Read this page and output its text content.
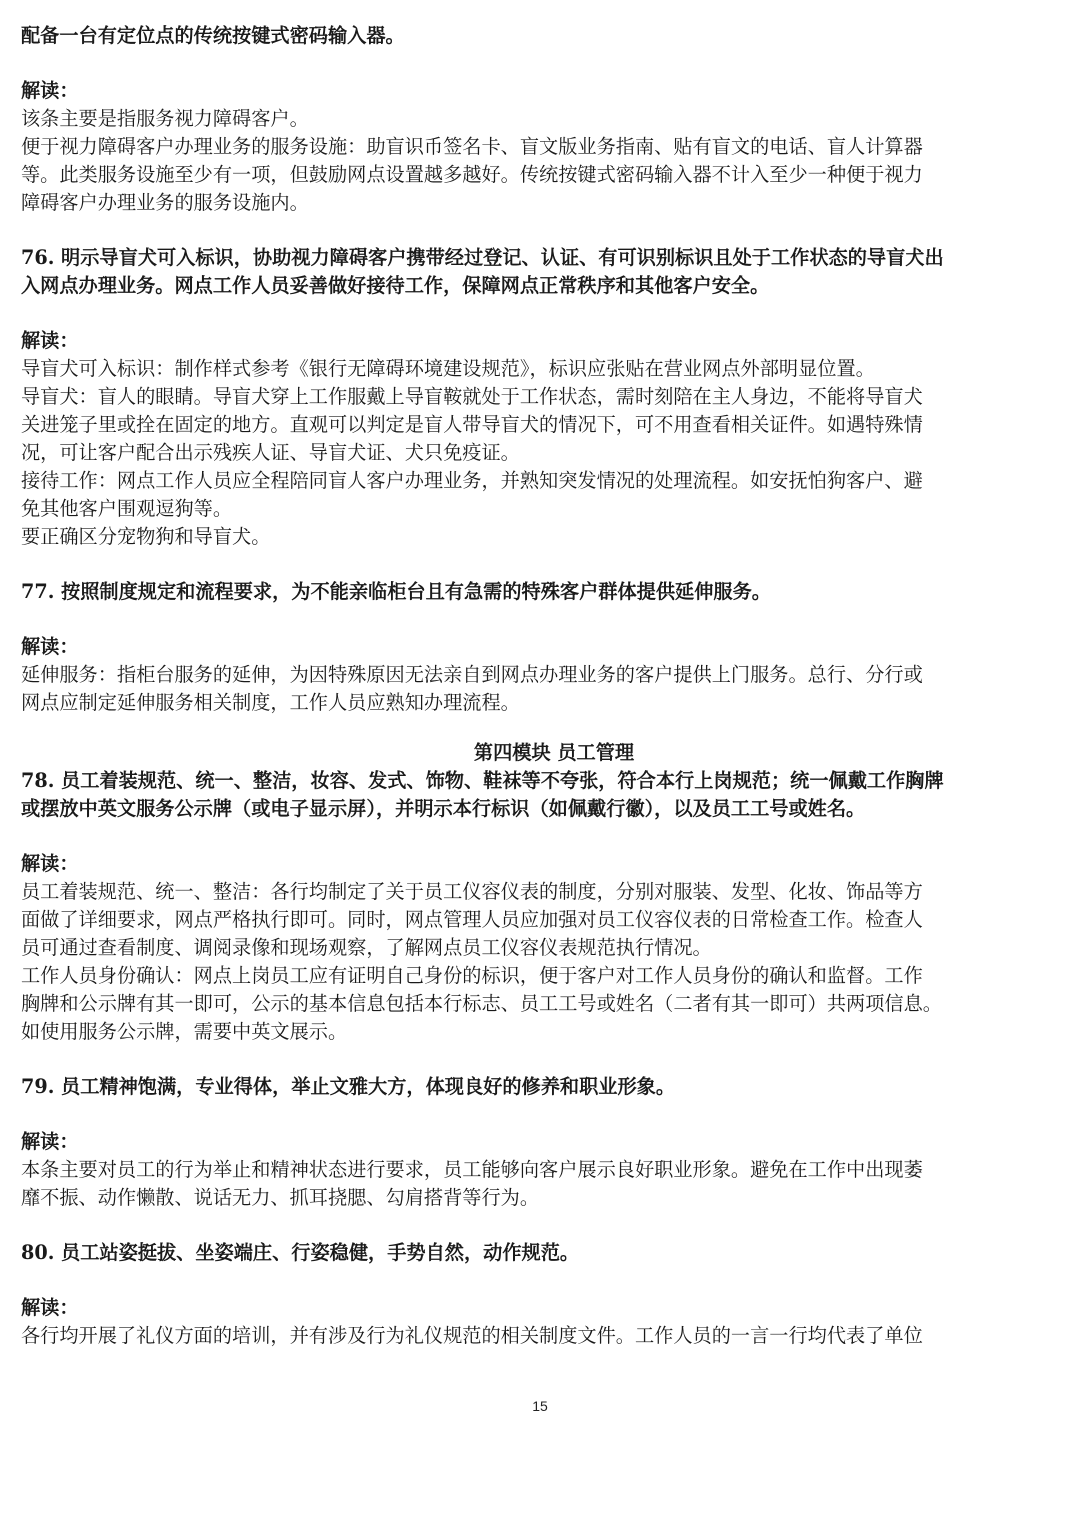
配备一台有定位点的传统按键式密码输入器。
解读：
该条主要是指服务视力障碍客户。
便于视力障碍客户办理业务的服务设施：助盲识币签名卡、盲文版业务指南、贴有盲文的电话、盲人计算器
等。此类服务设施至少有一项，但鼓励网点设置越多越好。传统按键式密码输入器不计入至少一种便于视力
障碍客户办理业务的服务设施内。
76. 明示导盲犬可入标识，协助视力障碍客户携带经过登记、认证、有可识别标识且处于工作状态的导盲犬出
入网点办理业务。网点工作人员妥善做好接待工作，保障网点正常秩序和其他客户安全。
解读：
导盲犬可入标识：制作样式参考《银行无障碍环境建设规范》，标识应张贴在营业网点外部明显位置。
导盲犬：盲人的眼睛。导盲犬穿上工作服戴上导盲鞍就处于工作状态，需时刻陪在主人身边，不能将导盲犬
关进笼子里或拴在固定的地方。直观可以判定是盲人带导盲犬的情况下，可不用查看相关证件。如遇特殊情
况，可让客户配合出示残疾人证、导盲犬证、犬只免疫证。
接待工作：网点工作人员应全程陪同盲人客户办理业务，并熟知突发情况的处理流程。如安抚怕狗客户、避
免其他客户围观逗狗等。
要正确区分宠物狗和导盲犬。
77. 按照制度规定和流程要求，为不能亲临柜台且有急需的特殊客户群体提供延伸服务。
解读：
延伸服务：指柜台服务的延伸，为因特殊原因无法亲自到网点办理业务的客户提供上门服务。总行、分行或
网点应制定延伸服务相关制度，工作人员应熟知办理流程。
第四模块 员工管理
78. 员工着装规范、统一、整洁，妆容、发式、饰物、鞋袜等不夸张，符合本行上岗规范；统一佩戴工作胸牌
或摆放中英文服务公示牌（或电子显示屏），并明示本行标识（如佩戴行徽），以及员工工号或姓名。
解读：
员工着装规范、统一、整洁：各行均制定了关于员工仪容仪表的制度，分别对服装、发型、化妆、饰品等方
面做了详细要求，网点严格执行即可。同时，网点管理人员应加强对员工仪容仪表的日常检查工作。检查人
员可通过查看制度、调阅录像和现场观察，了解网点员工仪容仪表规范执行情况。
工作人员身份确认：网点上岗员工应有证明自己身份的标识，便于客户对工作人员身份的确认和监督。工作
胸牌和公示牌有其一即可，公示的基本信息包括本行标志、员工工号或姓名（二者有其一即可）共两项信息。
如使用服务公示牌，需要中英文展示。
79. 员工精神饱满，专业得体，举止文雅大方，体现良好的修养和职业形象。
解读：
本条主要对员工的行为举止和精神状态进行要求，员工能够向客户展示良好职业形象。避免在工作中出现萎
靡不振、动作懒散、说话无力、抓耳挠腮、勾肩搭背等行为。
80. 员工站姿挺拔、坐姿端庄、行姿稳健，手势自然，动作规范。
解读：
各行均开展了礼仪方面的培训，并有涉及行为礼仪规范的相关制度文件。工作人员的一言一行均代表了单位
15
